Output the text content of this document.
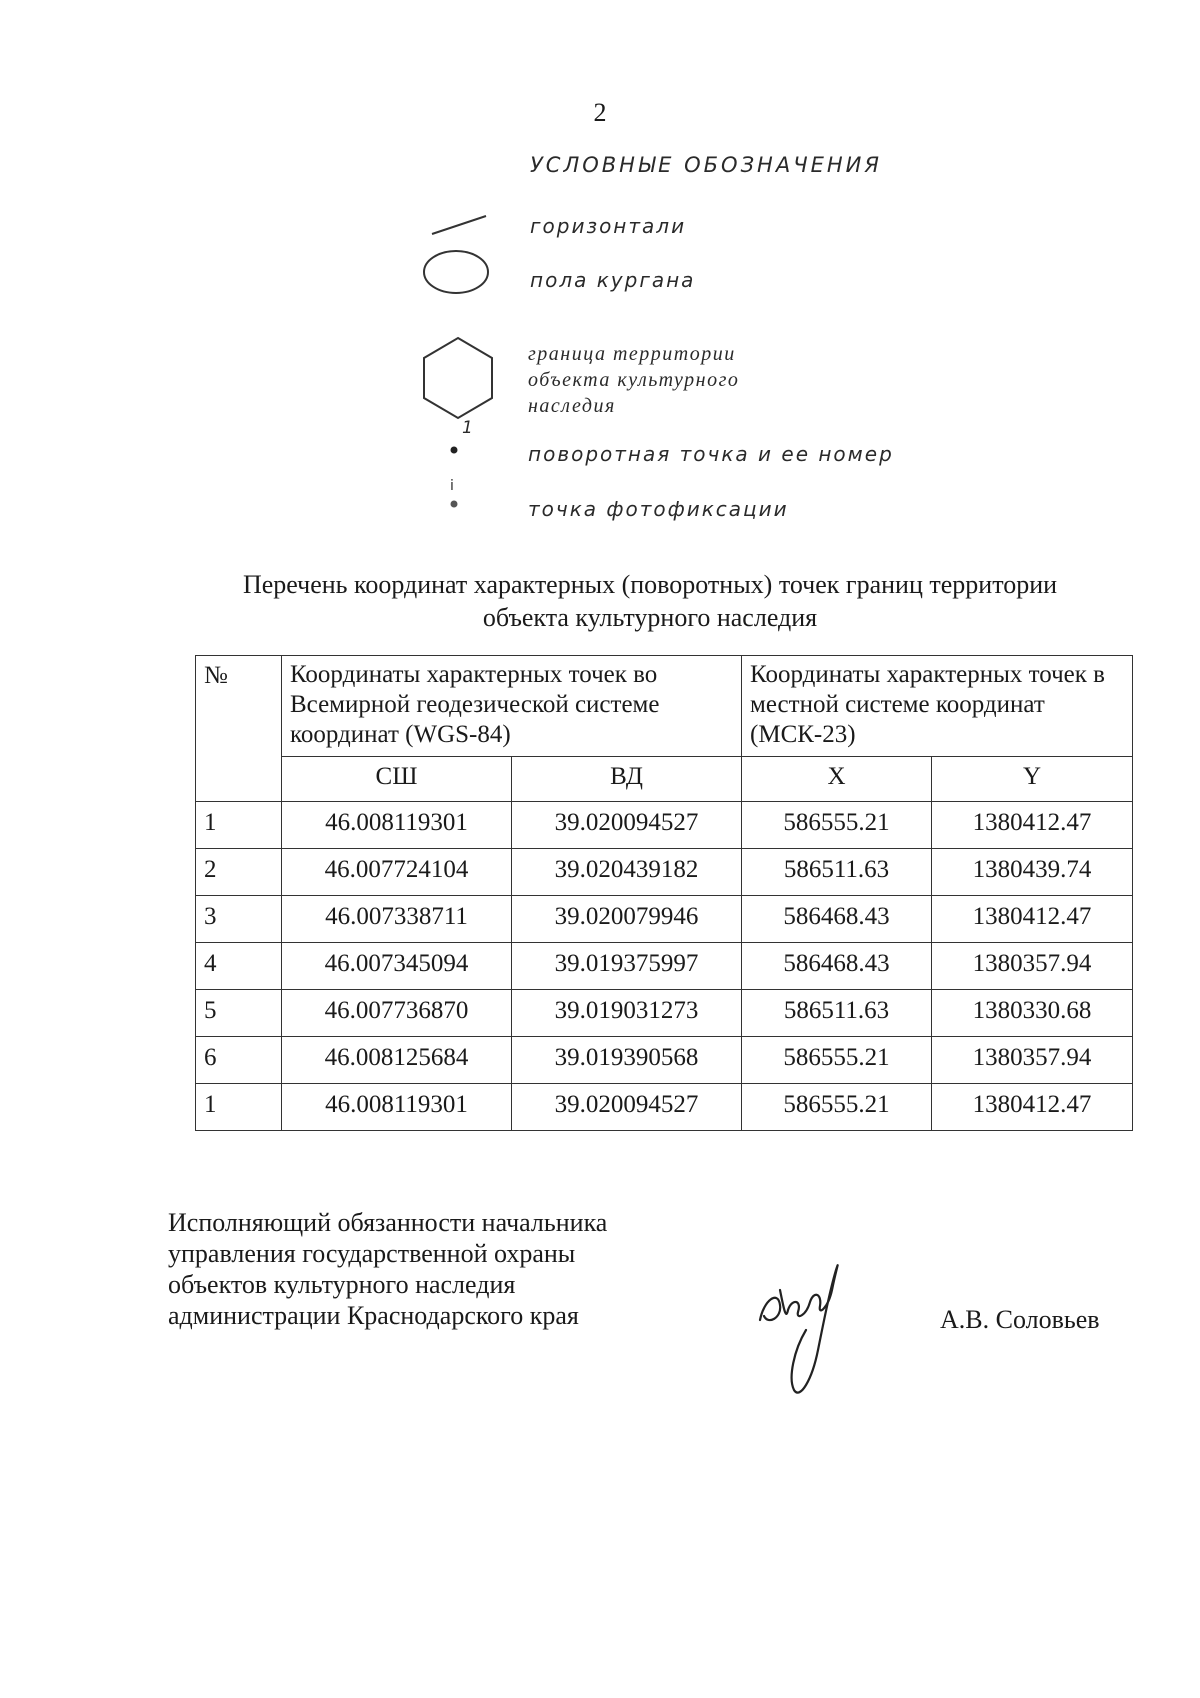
2
УСЛОВНЫЕ ОБОЗНАЧЕНИЯ
горизонтали
пола кургана
граница территории
объекта культурного
наследия
1
поворотная точка и ее номер
i
точка фотофиксации
Перечень координат характерных (поворотных) точек границ территории
объекта культурного наследия
№	Координаты характерных точек во Всемирной геодезической системе координат (WGS-84)		Координаты характерных точек в местной системе координат (МСК-23)	
	СШ	ВД	X	Y
1	46.008119301	39.020094527	586555.21	1380412.47
2	46.007724104	39.020439182	586511.63	1380439.74
3	46.007338711	39.020079946	586468.43	1380412.47
4	46.007345094	39.019375997	586468.43	1380357.94
5	46.007736870	39.019031273	586511.63	1380330.68
6	46.008125684	39.019390568	586555.21	1380357.94
1	46.008119301	39.020094527	586555.21	1380412.47
Исполняющий обязанности начальника
управления государственной охраны
объектов культурного наследия
администрации Краснодарского края	А.В. Соловьев
